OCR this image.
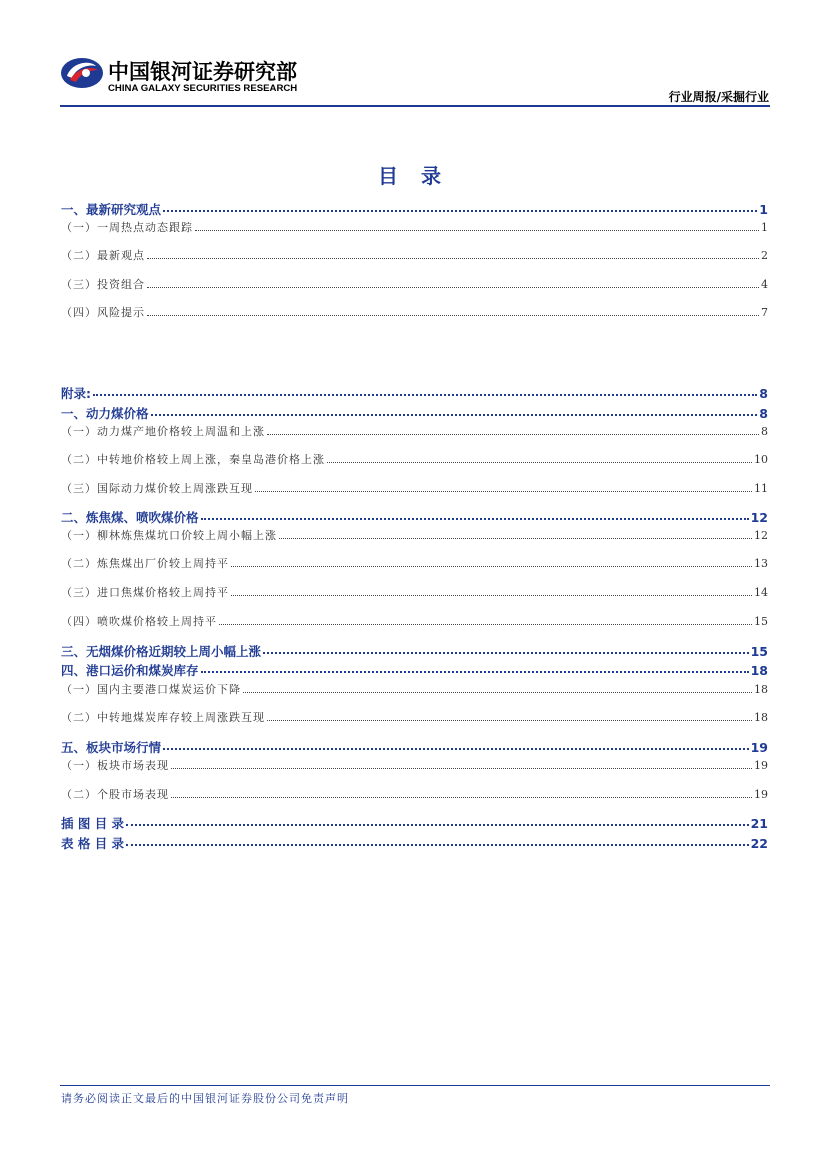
中国银河证券研究部
CHINA GALAXY SECURITIES RESEARCH
行业周报/采掘行业
目 录
一、最新研究观点	1
（一）一周热点动态跟踪	1
（二）最新观点	2
（三）投资组合	4
（四）风险提示	7
附录:	8
一、动力煤价格	8
（一）动力煤产地价格较上周温和上涨	8
（二）中转地价格较上周上涨，秦皇岛港价格上涨	10
（三）国际动力煤价较上周涨跌互现	11
二、炼焦煤、喷吹煤价格	12
（一）柳林炼焦煤坑口价较上周小幅上涨	12
（二）炼焦煤出厂价较上周持平	13
（三）进口焦煤价格较上周持平	14
（四）喷吹煤价格较上周持平	15
三、无烟煤价格近期较上周小幅上涨	15
四、港口运价和煤炭库存	18
（一）国内主要港口煤炭运价下降	18
（二）中转地煤炭库存较上周涨跌互现	18
五、板块市场行情	19
（一）板块市场表现	19
（二）个股市场表现	19
插 图 目 录	21
表 格 目 录	22
请务必阅读正文最后的中国银河证券股份公司免责声明
